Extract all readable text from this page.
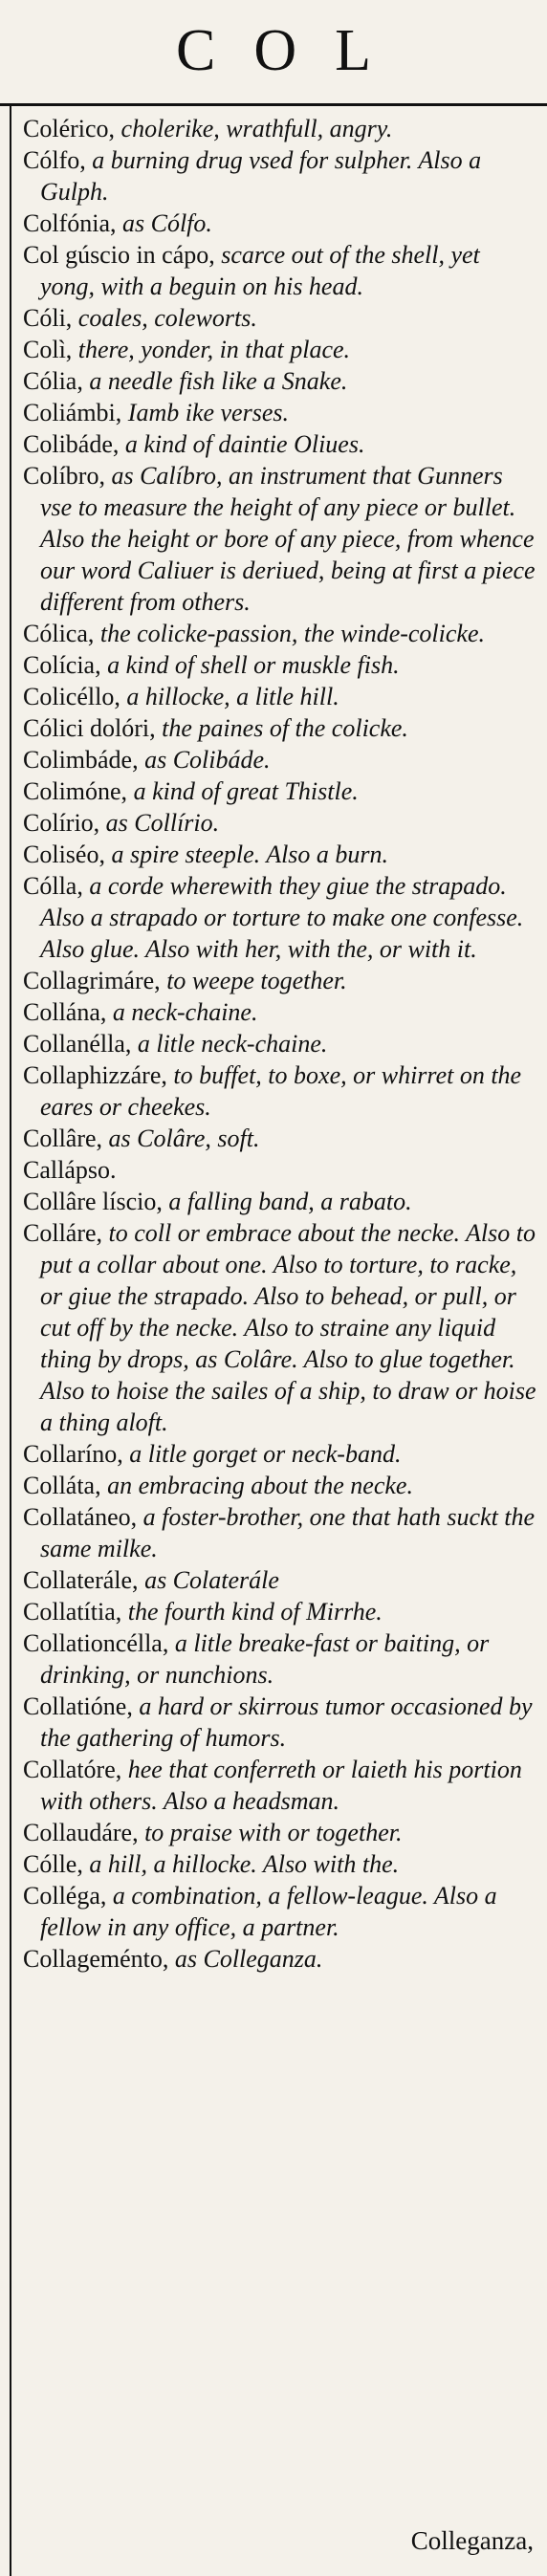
COL

Colérico, cholerike, wrathfull, angry.

Cólfo, a burning drug vsed for sulpher. Also a Gulph.

Colfónia, as Cólfo.

Col gúscio in cápo, scarce out of the shell, yet yong, with a beguin on his head.

Cóli, coales, coleworts.

Colì, there, yonder, in that place.

Cólia, a needle fish like a Snake.

Coliámbi, Iamb ike verses.

Colibáde, a kind of daintie Oliues.

Colíbro, as Calíbro, an instrument that Gunners vse to measure the height of any piece or bullet. Also the height or bore of any piece, from whence our word Caliuer is deriued, being at first a piece different from others.

Cólica, the colicke-passion, the winde-colicke.

Colícia, a kind of shell or muskle fish.

Colicéllo, a hillocke, a litle hill.

Cólici dolóri, the paines of the colicke.

Colimbáde, as Colibáde.

Colimóne, a kind of great Thistle.

Colírio, as Collírio.

Coliséo, a spire steeple. Also a burn.

Cólla, a corde wherewith they giue the strapado. Also a strapado or torture to make one confesse. Also glue. Also with her, with the, or with it.

Collagrimáre, to weepe together.

Collána, a neck-chaine.

Collanélla, a litle neck-chaine.

Collaphizzáre, to buffet, to boxe, or whirret on the eares or cheekes.

Collâre, as Colâre, soft.

Callápso.

Collâre líscio, a falling band, a rabato.

Colláre, to coll or embrace about the necke. Also to put a collar about one. Also to torture, to racke, or giue the strapado. Also to behead, or pull, or cut off by the necke. Also to straine any liquid thing by drops, as Colâre. Also to glue together. Also to hoise the sailes of a ship, to draw or hoise a thing aloft.

Collaríno, a litle gorget or neck-band.

Colláta, an embracing about the necke.

Collatáneo, a foster-brother, one that hath suckt the same milke.

Collaterále, as Colaterále

Collatítia, the fourth kind of Mirrhe.

Collationcélla, a litle breake-fast or baiting, or drinking, or nunchions.

Collatióne, a hard or skirrous tumor occasioned by the gathering of humors.

Collatóre, hee that conferreth or laieth his portion with others. Also a headsman.

Collaudáre, to praise with or together.

Cólle, a hill, a hillocke. Also with the.

Colléga, a combination, a fellow-league. Also a fellow in any office, a partner.

Collageménto, as Colleganza.

Colleganza,
